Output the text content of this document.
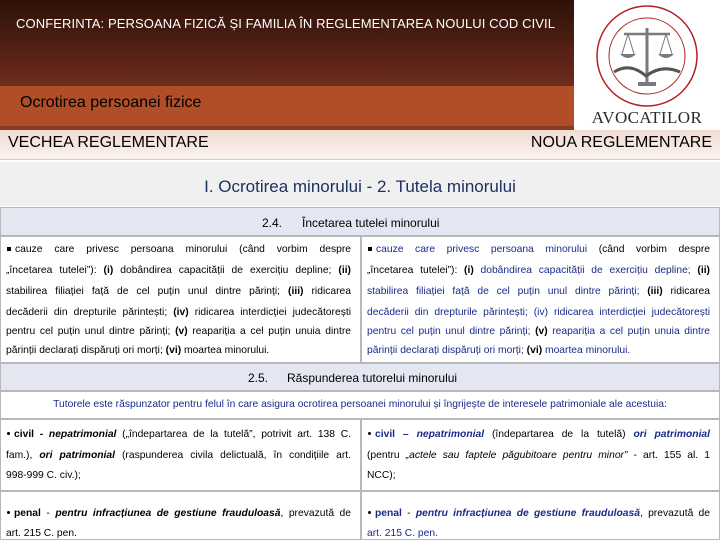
CONFERINTA: PERSOANA FIZICĂ ȘI FAMILIA ÎN REGLEMENTAREA NOULUI COD CIVIL
Ocrotirea persoanei fizice
AVOCATILOR
VECHEA REGLEMENTARE	NOUA REGLEMENTARE
I. Ocrotirea minorului - 2. Tutela minorului
2.4. Încetarea tutelei minorului
cauze care privesc persoana minorului (când vorbim despre
„încetarea tutelei”): (i) dobândirea capacității de exercițiu depline; (ii)
stabilirea filiației față de cel puțin unul dintre părinți; (iii) ridicarea
decăderii din drepturile părintești; (iv) ridicarea interdicției judecătorești
pentru cel puțin unul dintre părinți; (v) reapariția a cel puțin unuia dintre
părinții declarați dispăruți ori morți; (vi) moartea minorului.
cauze care privesc persoana minorului (când vorbim despre
„încetarea tutelei”): (i) dobândirea capacității de exercițiu depline; (ii)
stabilirea filiației față de cel puțin unul dintre părinți; (iii) ridicarea
decăderii din drepturile părintești; (iv) ridicarea interdicției judecătorești
pentru cel puțin unul dintre părinți; (v) reapariția a cel puțin unuia dintre
părinții declarați dispăruți ori morți; (vi) moartea minorului.
2.5. Răspunderea tutorelui minorului
Tutorele este răspunzator pentru felul în care asigura ocrotirea persoanei minorului și îngrijește de interesele patrimoniale ale acestuia:
civil - nepatrimonial („îndepartarea de la tutelă”, potrivit art. 138 C.
fam.), ori patrimonial (raspunderea civila delictuală, în condițiile art.
998-999 C. civ.);
civil – nepatrimonial (îndepartarea de la tutelă) ori patrimonial
(pentru „actele sau faptele păgubitoare pentru minor” - art. 155 al. 1
NCC);
penal - pentru infracțiunea de gestiune frauduloasă, prevazută de
art. 215 C. pen.
penal - pentru infracțiunea de gestiune frauduloasă, prevazută de
art. 215 C. pen.
